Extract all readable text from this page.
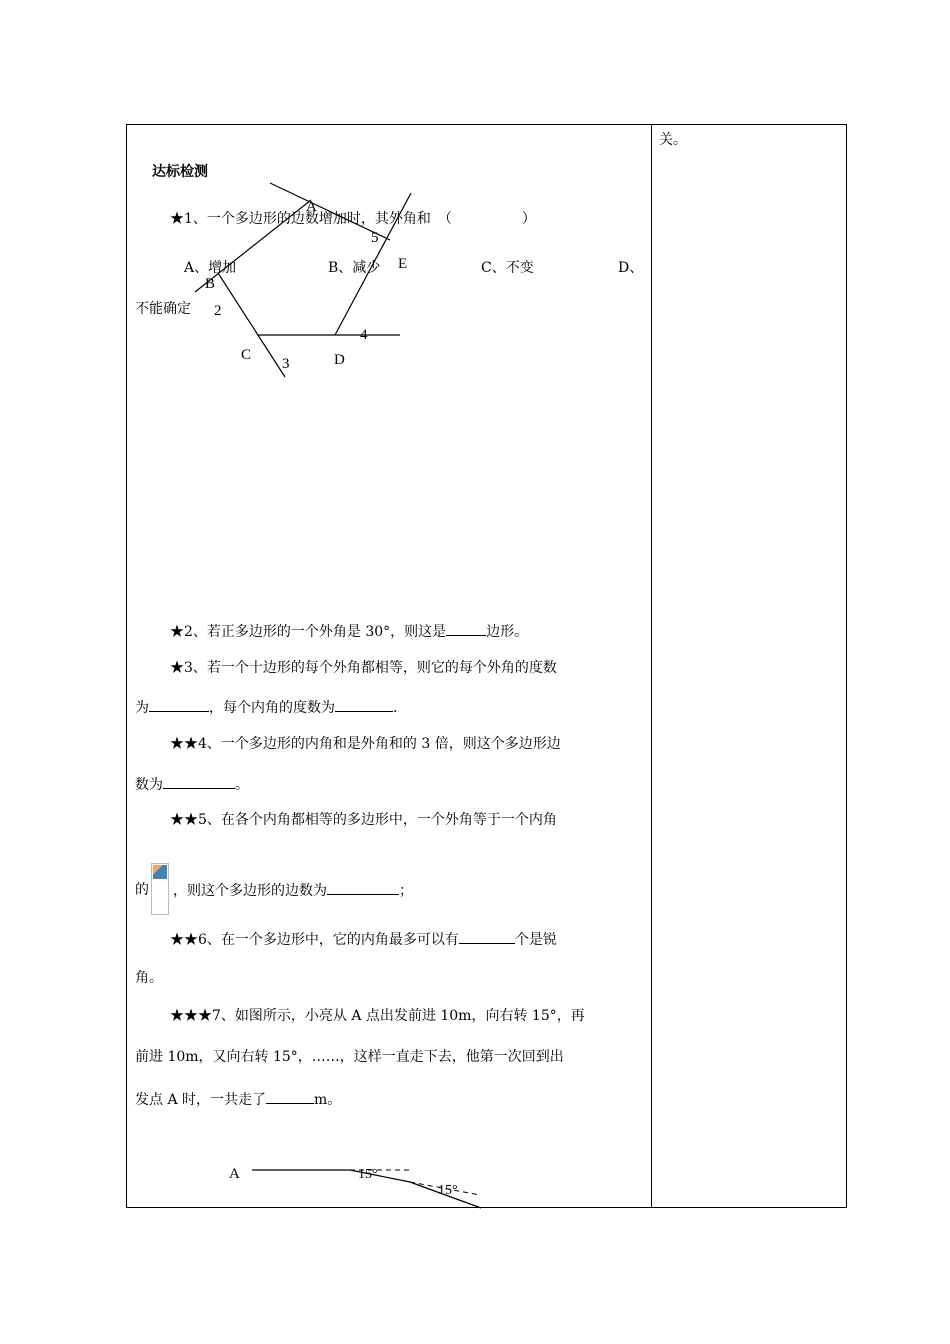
关。
达标检测
A
B
C	D
E
2
3
4
5
★1、一个多边形的边数增加时，其外角和　（　　　　　）
A、增加	B、减少	C、不变	D、
不能确定
★2、若正多边形的一个外角是 30°，则这是	边形。
★3、若一个十边形的每个外角都相等，则它的每个外角的度数
为	，每个内角的度数为	.
★★4、一个多边形的内角和是外角和的 3 倍，则这个多边形边
数为	。
★★5、在各个内角都相等的多边形中，一个外角等于一个内角
的 ，则这个多边形的边数为	；
★★6、在一个多边形中，它的内角最多可以有	个是锐
角。
★★★7、如图所示，小亮从 A 点出发前进 10m，向右转 15°，再
前进 10m，又向右转 15°，……，这样一直走下去，他第一次回到出
发点 A 时，一共走了	m。
A	15°
15°
